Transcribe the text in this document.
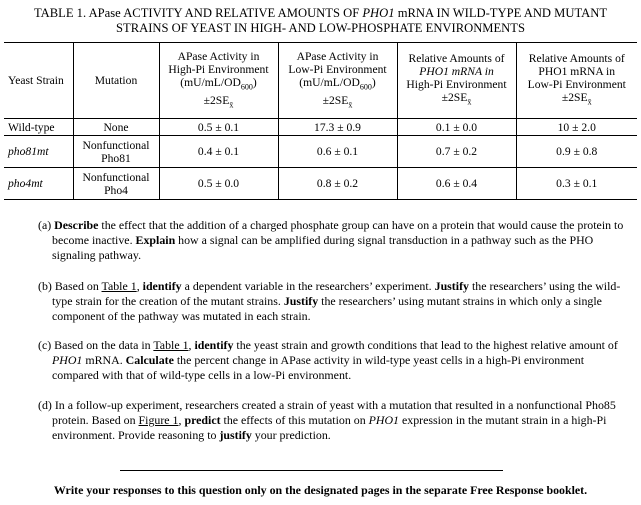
TABLE 1. APase ACTIVITY AND RELATIVE AMOUNTS OF PHO1 mRNA IN WILD-TYPE AND MUTANT
STRAINS OF YEAST IN HIGH- AND LOW-PHOSPHATE ENVIRONMENTS
Yeast Strain	Mutation	APase Activity in
High-Pi Environment
$(mU/mL/OD_{600})$
$\pm 2SE_{x̄}$	APase Activity in
Low-Pi Environment
$(mU/mL/OD_{600})$
$\pm 2SE_{x̄}$	Relative Amounts of
PHO1 mRNA in
High-Pi Environment
$\pm 2SE_{x̄}$	Relative Amounts of
PHO1 mRNA in
Low-Pi Environment
$\pm 2SE_{x̄}$
Wild-type	None	0.5 ± 0.1	17.3 ± 0.9	0.1 ± 0.0	10 ± 2.0
pho81mt	Nonfunctional Pho81	0.4 ± 0.1	0.6 ± 0.1	0.7 ± 0.2	0.9 ± 0.8
pho4mt	Nonfunctional Pho4	0.5 ± 0.0	0.8 ± 0.2	0.6 ± 0.4	0.3 ± 0.1

(a) Describe the effect that the addition of a charged phosphate group can have on a protein that would cause the protein to become inactive. Explain how a signal can be amplified during signal transduction in a pathway such as the PHO signaling pathway.

(b) Based on Table 1, identify a dependent variable in the researchers’ experiment. Justify the researchers’ using the wild-type strain for the creation of the mutant strains. Justify the researchers’ using mutant strains in which only a single component of the pathway was mutated in each strain.

(c) Based on the data in Table 1, identify the yeast strain and growth conditions that lead to the highest relative amount of PHO1 mRNA. Calculate the percent change in APase activity in wild-type yeast cells in a high-Pi environment compared with that of wild-type cells in a low-Pi environment.

(d) In a follow-up experiment, researchers created a strain of yeast with a mutation that resulted in a nonfunctional Pho85 protein. Based on Figure 1, predict the effects of this mutation on PHO1 expression in the mutant strain in a high-Pi environment. Provide reasoning to justify your prediction.

Write your responses to this question only on the designated pages in the separate Free Response booklet.
